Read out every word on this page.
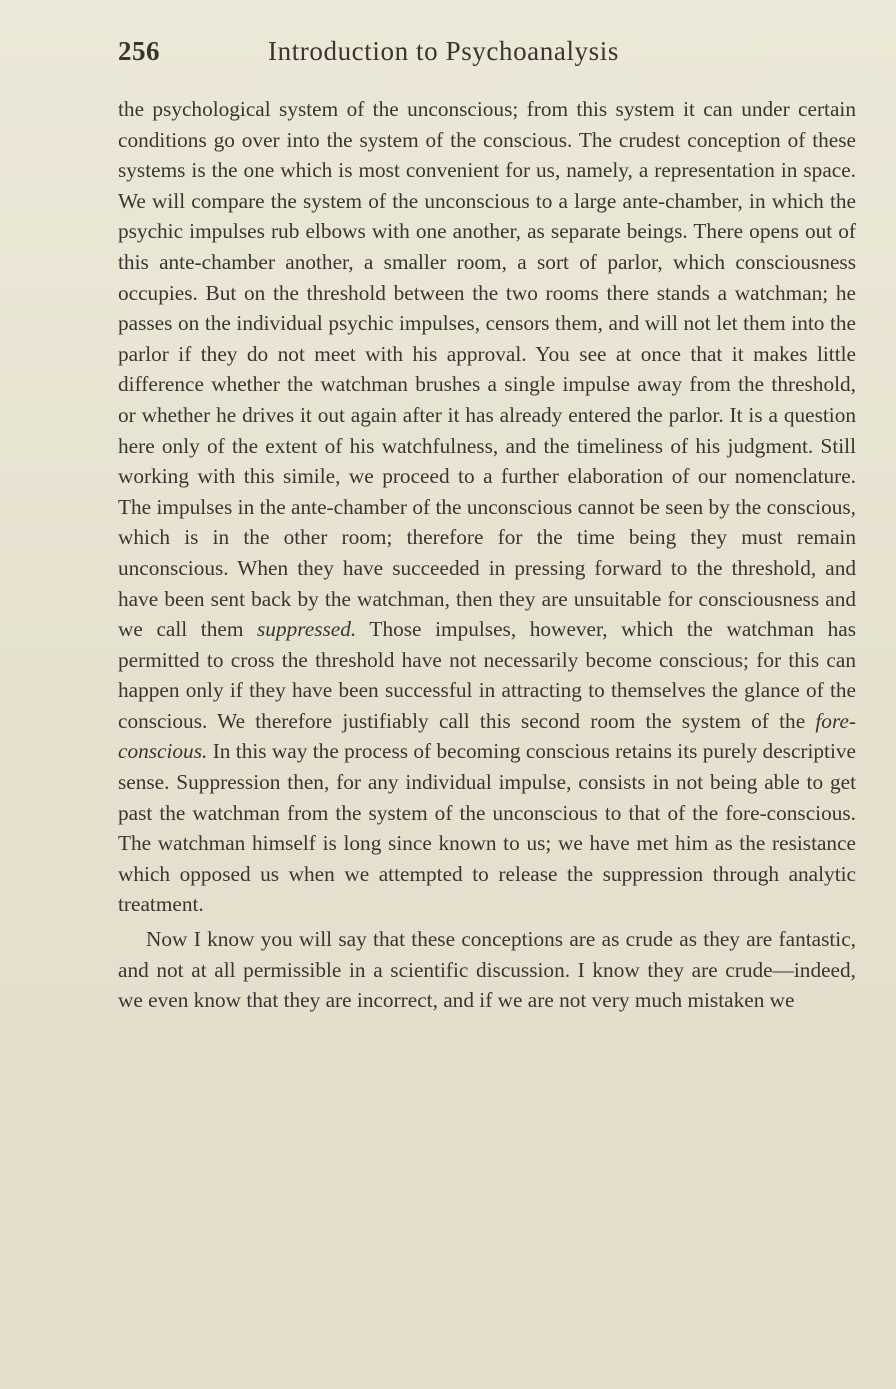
256	Introduction to Psychoanalysis

the psychological system of the unconscious; from this system it can under certain conditions go over into the system of the conscious. The crudest conception of these systems is the one which is most convenient for us, namely, a representation in space. We will compare the system of the unconscious to a large ante-chamber, in which the psychic impulses rub elbows with one another, as separate beings. There opens out of this ante-chamber another, a smaller room, a sort of parlor, which consciousness occupies. But on the threshold between the two rooms there stands a watchman; he passes on the individual psychic impulses, censors them, and will not let them into the parlor if they do not meet with his approval. You see at once that it makes little difference whether the watchman brushes a single impulse away from the threshold, or whether he drives it out again after it has already entered the parlor. It is a question here only of the extent of his watchfulness, and the timeliness of his judgment. Still working with this simile, we proceed to a further elaboration of our nomenclature. The impulses in the ante-chamber of the unconscious cannot be seen by the conscious, which is in the other room; therefore for the time being they must remain unconscious. When they have succeeded in pressing forward to the threshold, and have been sent back by the watchman, then they are unsuitable for consciousness and we call them suppressed. Those impulses, however, which the watchman has permitted to cross the threshold have not necessarily become conscious; for this can happen only if they have been successful in attracting to themselves the glance of the conscious. We therefore justifiably call this second room the system of the fore-conscious. In this way the process of becoming conscious retains its purely descriptive sense. Suppression then, for any individual impulse, consists in not being able to get past the watchman from the system of the unconscious to that of the fore-conscious. The watchman himself is long since known to us; we have met him as the resistance which opposed us when we attempted to release the suppression through analytic treatment.

Now I know you will say that these conceptions are as crude as they are fantastic, and not at all permissible in a scientific discussion. I know they are crude—indeed, we even know that they are incorrect, and if we are not very much mistaken we
